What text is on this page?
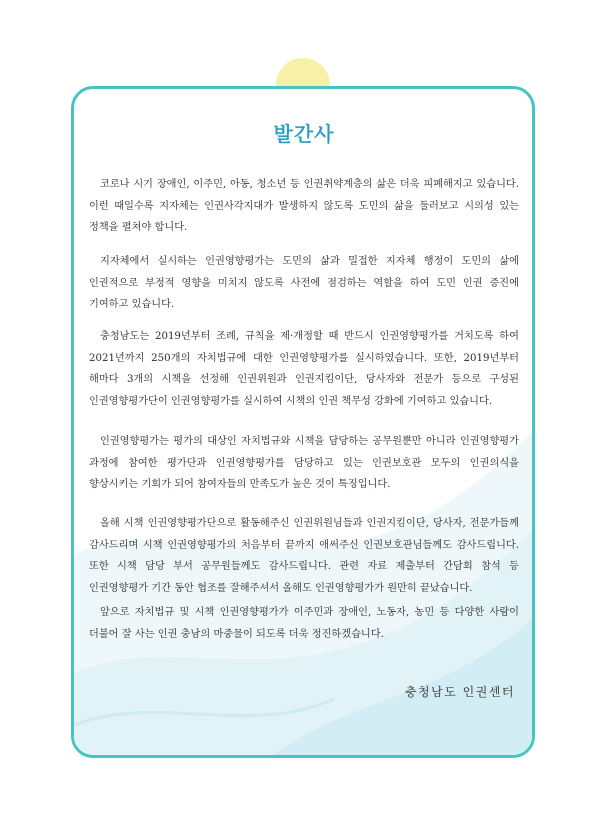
발간사

코로나 시기 장애인, 이주민, 아동, 청소년 등 인권취약계층의 삶은 더욱 피폐해지고 있습니다. 이런 때일수록 지자체는 인권사각지대가 발생하지 않도록 도민의 삶을 둘러보고 시의성 있는 정책을 펼쳐야 합니다.

지자체에서 실시하는 인권영향평가는 도민의 삶과 밀접한 지자체 행정이 도민의 삶에 인권적으로 부정적 영향을 미치지 않도록 사전에 점검하는 역할을 하여 도민 인권 증진에 기여하고 있습니다.

충청남도는 2019년부터 조례, 규칙을 제·개정할 때 반드시 인권영향평가를 거치도록 하여 2021년까지 250개의 자치법규에 대한 인권영향평가를 실시하였습니다. 또한, 2019년부터 해마다 3개의 시책을 선정해 인권위원과 인권지킴이단, 당사자와 전문가 등으로 구성된 인권영향평가단이 인권영향평가를 실시하여 시책의 인권 책무성 강화에 기여하고 있습니다.

인권영향평가는 평가의 대상인 자치법규와 시책을 담당하는 공무원뿐만 아니라 인권영향평가 과정에 참여한 평가단과 인권영향평가를 담당하고 있는 인권보호관 모두의 인권의식을 향상시키는 기회가 되어 참여자들의 만족도가 높은 것이 특징입니다.

올해 시책 인권영향평가단으로 활동해주신 인권위원님들과 인권지킴이단, 당사자, 전문가들께 감사드리며 시책 인권영향평가의 처음부터 끝까지 애써주신 인권보호관님들께도 감사드립니다. 또한 시책 담당 부서 공무원들께도 감사드립니다. 관련 자료 제출부터 간담회 참석 등 인권영향평가 기간 동안 협조를 잘해주셔서 올해도 인권영향평가가 원만히 끝났습니다.

앞으로 자치법규 및 시책 인권영향평가가 이주민과 장애인, 노동자, 농민 등 다양한 사람이 더불어 잘 사는 인권 충남의 마중물이 되도록 더욱 정진하겠습니다.

충청남도 인권센터
